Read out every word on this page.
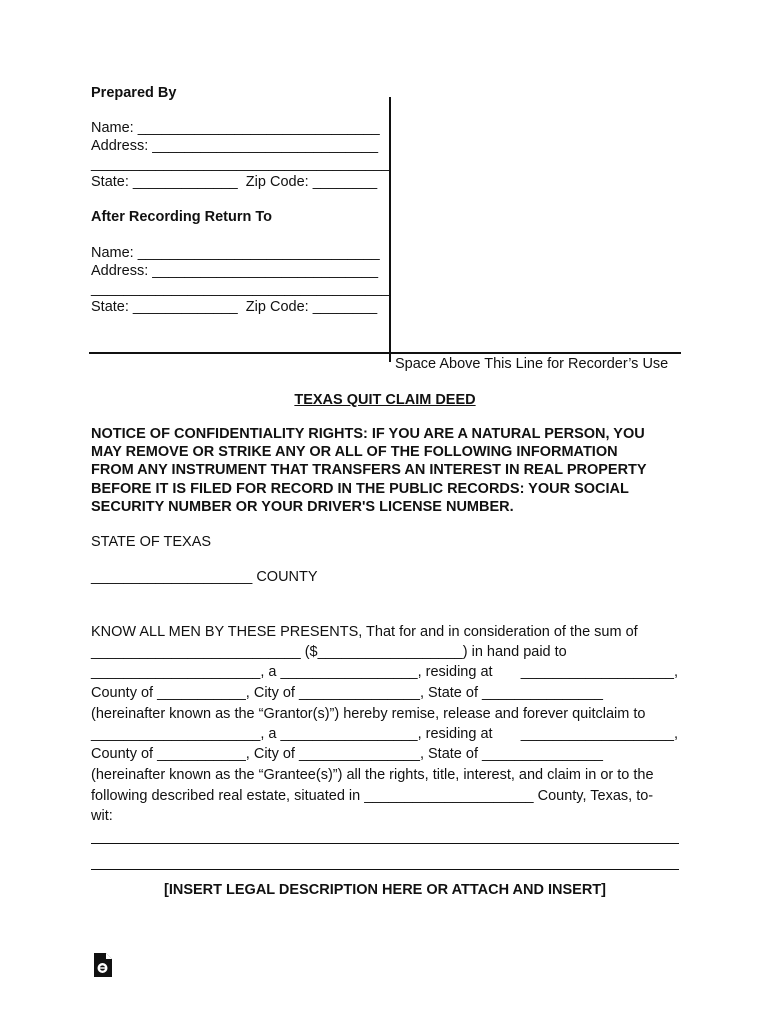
Prepared By
Name: ______________________________
Address: ____________________________
_____________________________________
State: _____________  Zip Code: ________
After Recording Return To
Name: ______________________________
Address: ____________________________
_____________________________________
State: _____________  Zip Code: ________
Space Above This Line for Recorder’s Use
TEXAS QUIT CLAIM DEED
NOTICE OF CONFIDENTIALITY RIGHTS: IF YOU ARE A NATURAL PERSON, YOU
MAY REMOVE OR STRIKE ANY OR ALL OF THE FOLLOWING INFORMATION
FROM ANY INSTRUMENT THAT TRANSFERS AN INTEREST IN REAL PROPERTY
BEFORE IT IS FILED FOR RECORD IN THE PUBLIC RECORDS: YOUR SOCIAL
SECURITY NUMBER OR YOUR DRIVER'S LICENSE NUMBER.
STATE OF TEXAS
____________________ COUNTY
KNOW ALL MEN BY THESE PRESENTS, That for and in consideration of the sum of
__________________________ ($__________________) in hand paid to
_____________________, a _________________, residing at ___________________,
County of ___________, City of _______________, State of _______________
(hereinafter known as the “Grantor(s)”) hereby remise, release and forever quitclaim to
_____________________, a _________________, residing at ___________________,
County of ___________, City of _______________, State of _______________
(hereinafter known as the “Grantee(s)”) all the rights, title, interest, and claim in or to the
following described real estate, situated in _____________________ County, Texas, to-
wit:
[INSERT LEGAL DESCRIPTION HERE OR ATTACH AND INSERT]
